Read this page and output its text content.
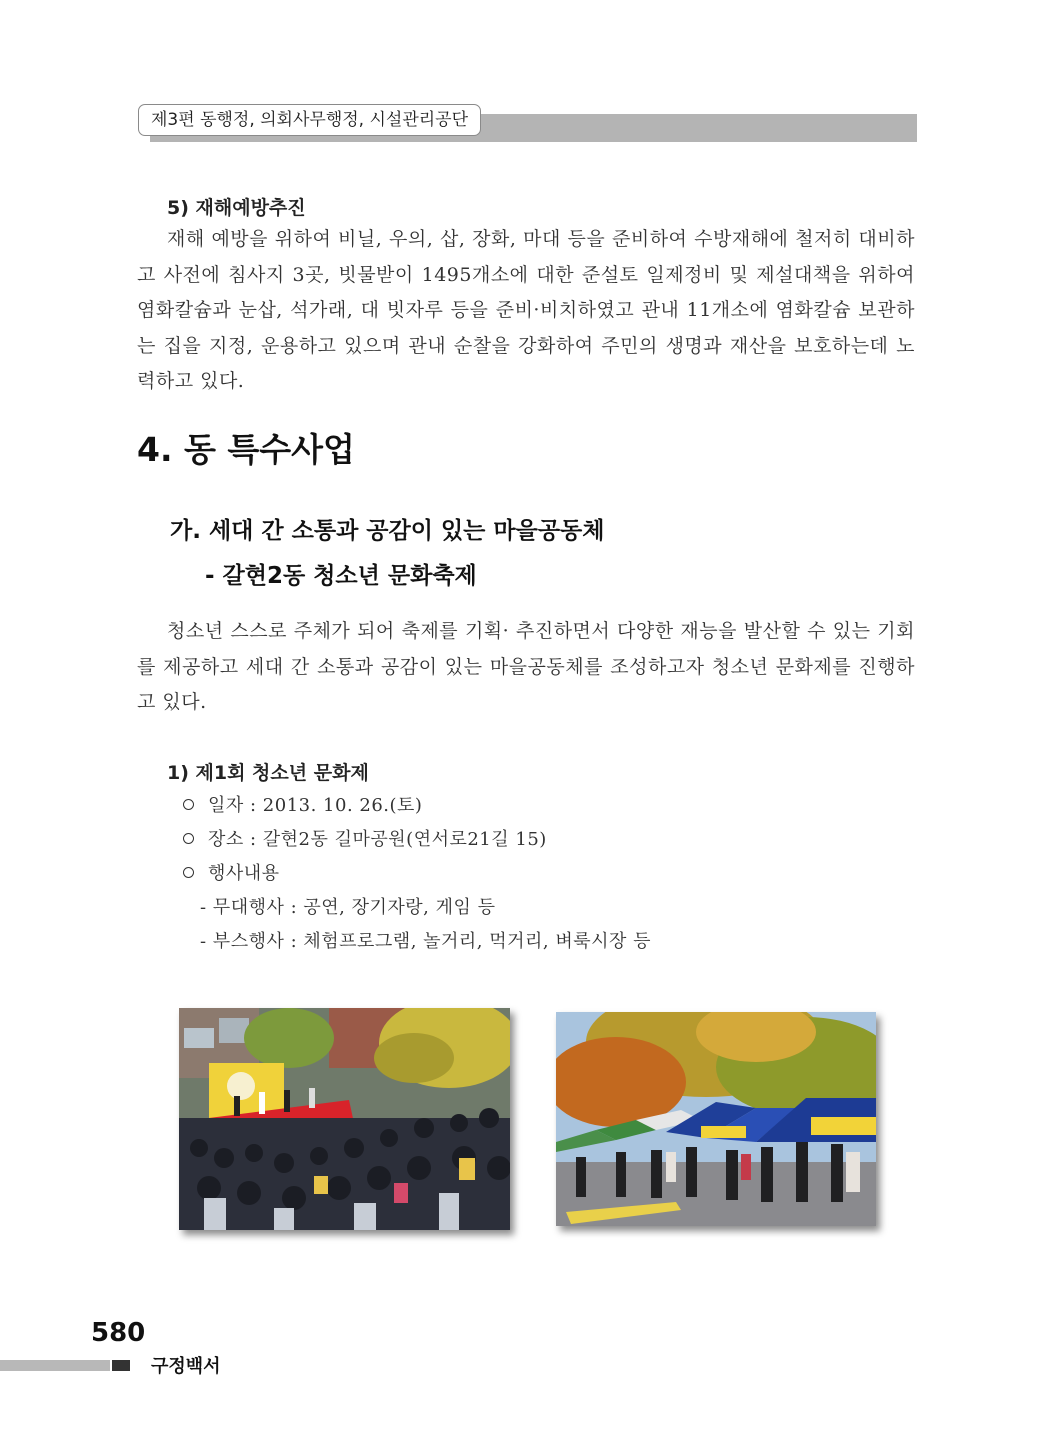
제3편 동행정, 의회사무행정, 시설관리공단
5) 재해예방추진

재해 예방을 위하여 비닐, 우의, 삽, 장화, 마대 등을 준비하여 수방재해에 철저히 대비하고 사전에 침사지 3곳, 빗물받이 1495개소에 대한 준설토 일제정비 및 제설대책을 위하여 염화칼슘과 눈삽, 석가래, 대 빗자루 등을 준비·비치하였고 관내 11개소에 염화칼슘 보관하는 집을 지정, 운용하고 있으며 관내 순찰을 강화하여 주민의 생명과 재산을 보호하는데 노력하고 있다.

4. 동 특수사업
가. 세대 간 소통과 공감이 있는 마을공동체
- 갈현2동 청소년 문화축제

청소년 스스로 주체가 되어 축제를 기획· 추진하면서 다양한 재능을 발산할 수 있는 기회를 제공하고 세대 간 소통과 공감이 있는 마을공동체를 조성하고자 청소년 문화제를 진행하고 있다.

1) 제1회 청소년 문화제
일자 : 2013. 10. 26.(토)
장소 : 갈현2동 길마공원(연서로21길 15)
행사내용
- 무대행사 : 공연, 장기자랑, 게임 등
- 부스행사 : 체험프로그램, 놀거리, 먹거리, 벼룩시장 등
580
구정백서
